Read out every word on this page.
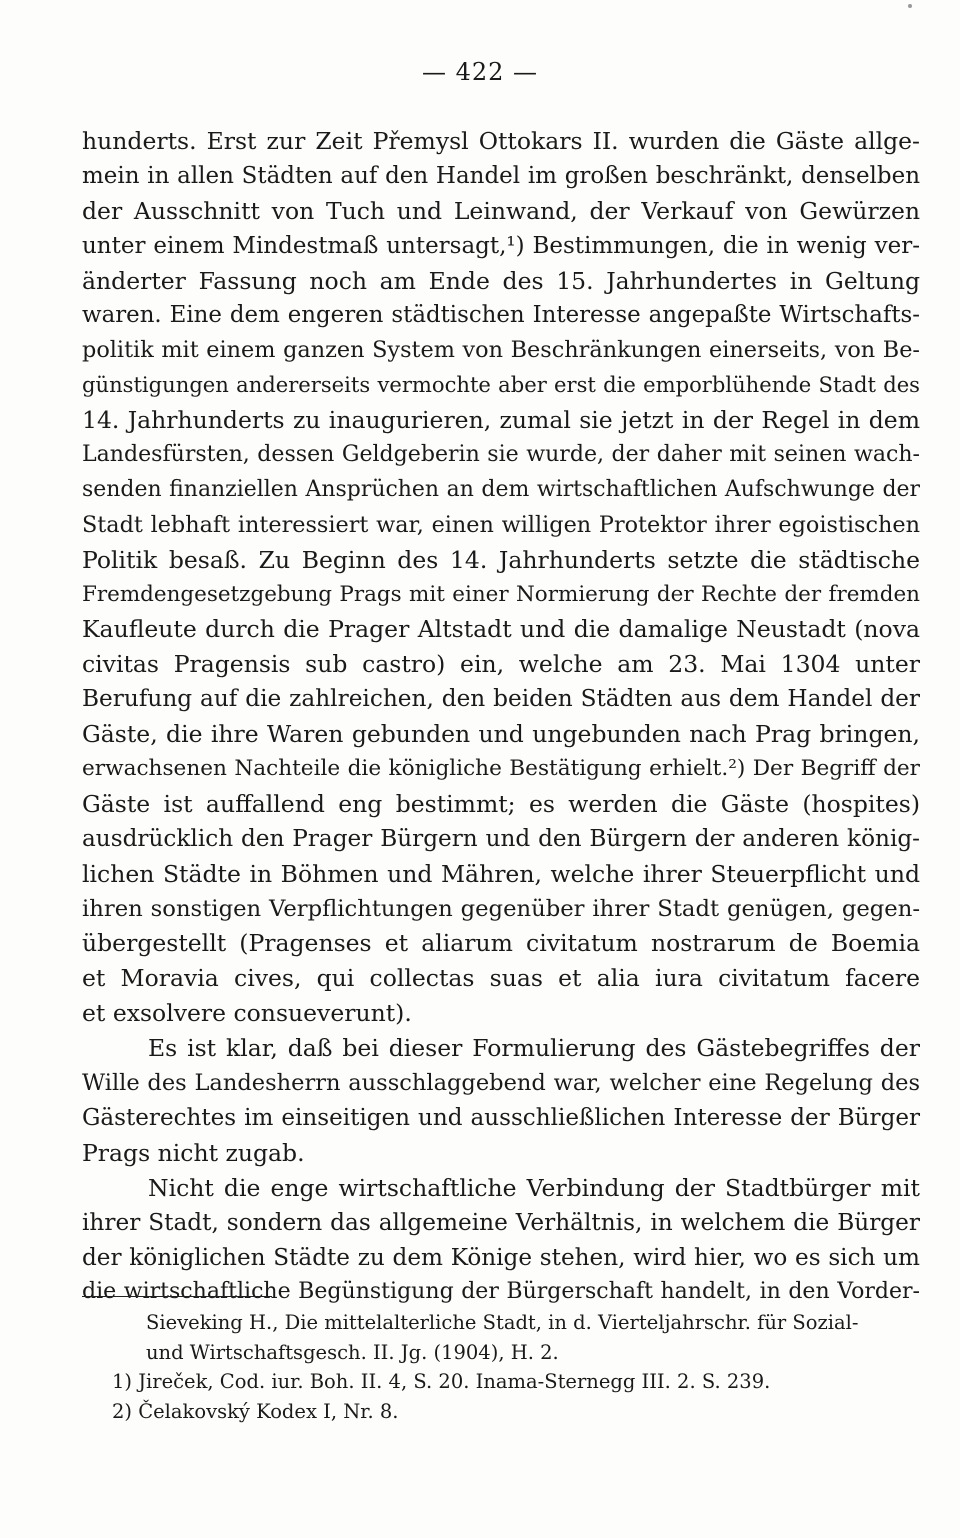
— 422 —
hunderts. Erst zur Zeit Přemysl Ottokars II. wurden die Gäste allge-
mein in allen Städten auf den Handel im großen beschränkt, denselben
der Ausschnitt von Tuch und Leinwand, der Verkauf von Gewürzen
unter einem Mindestmaß untersagt,¹) Bestimmungen, die in wenig ver-
änderter Fassung noch am Ende des 15. Jahrhundertes in Geltung
waren. Eine dem engeren städtischen Interesse angepaßte Wirtschafts-
politik mit einem ganzen System von Beschränkungen einerseits, von Be-
günstigungen andererseits vermochte aber erst die emporblühende Stadt des
14. Jahrhunderts zu inaugurieren, zumal sie jetzt in der Regel in dem
Landesfürsten, dessen Geldgeberin sie wurde, der daher mit seinen wach-
senden finanziellen Ansprüchen an dem wirtschaftlichen Aufschwunge der
Stadt lebhaft interessiert war, einen willigen Protektor ihrer egoistischen
Politik besaß. Zu Beginn des 14. Jahrhunderts setzte die städtische
Fremdengesetzgebung Prags mit einer Normierung der Rechte der fremden
Kaufleute durch die Prager Altstadt und die damalige Neustadt (nova
civitas Pragensis sub castro) ein, welche am 23. Mai 1304 unter
Berufung auf die zahlreichen, den beiden Städten aus dem Handel der
Gäste, die ihre Waren gebunden und ungebunden nach Prag bringen,
erwachsenen Nachteile die königliche Bestätigung erhielt.²) Der Begriff der
Gäste ist auffallend eng bestimmt; es werden die Gäste (hospites)
ausdrücklich den Prager Bürgern und den Bürgern der anderen könig-
lichen Städte in Böhmen und Mähren, welche ihrer Steuerpflicht und
ihren sonstigen Verpflichtungen gegenüber ihrer Stadt genügen, gegen-
übergestellt (Pragenses et aliarum civitatum nostrarum de Boemia
et Moravia cives, qui collectas suas et alia iura civitatum facere
et exsolvere consueverunt).
Es ist klar, daß bei dieser Formulierung des Gästebegriffes der
Wille des Landesherrn ausschlaggebend war, welcher eine Regelung des
Gästerechtes im einseitigen und ausschließlichen Interesse der Bürger
Prags nicht zugab.
Nicht die enge wirtschaftliche Verbindung der Stadtbürger mit
ihrer Stadt, sondern das allgemeine Verhältnis, in welchem die Bürger
der königlichen Städte zu dem Könige stehen, wird hier, wo es sich um
die wirtschaftliche Begünstigung der Bürgerschaft handelt, in den Vorder-
Sieveking H., Die mittelalterliche Stadt, in d. Vierteljahrschr. für Sozial-
und Wirtschaftsgesch. II. Jg. (1904), H. 2.
1) Jireček, Cod. iur. Boh. II. 4, S. 20. Inama-Sternegg III. 2. S. 239.
2) Čelakovský Kodex I, Nr. 8.
